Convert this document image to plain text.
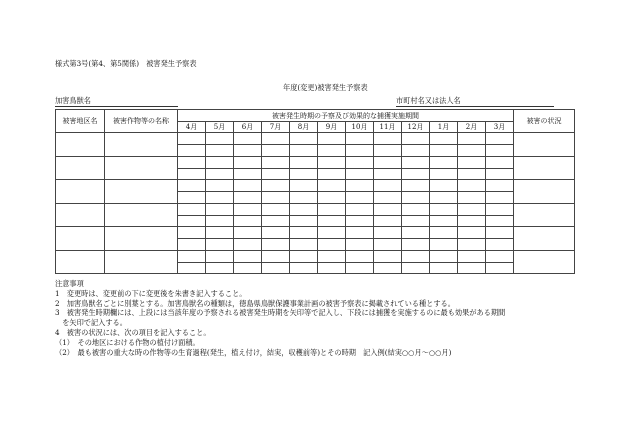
様式第3号(第4、第5関係)　被害発生予察表
年度(変更)被害発生予察表
加害鳥獣名	市町村名又は法人名
被害地区名	被害作物等の名称	被害発生時期の予察及び効果的な捕獲実施期間												被害の状況
		4月	5月	6月	7月	8月	9月	10月	11月	12月	1月	2月	3月	

注意事項
1　変更時は、変更前の下に変更後を朱書き記入すること。
2　加害鳥獣名ごとに別葉とする。加害鳥獣名の種類は，徳島県鳥獣保護事業計画の被害予察表に掲載されている種とする。
3　被害発生時期欄には、上段には当該年度の予察される被害発生時期を矢印等で記入し、下段には捕獲を実施するのに最も効果がある期間
　を矢印で記入する。
4　被害の状況には、次の項目を記入すること。
（1）　その地区における作物の植付け面積。
（2）　最も被害の重大な時の作物等の生育過程(発生，植え付け，結実，収穫前等)とその時期　記入例(結実○○月～○○月)
